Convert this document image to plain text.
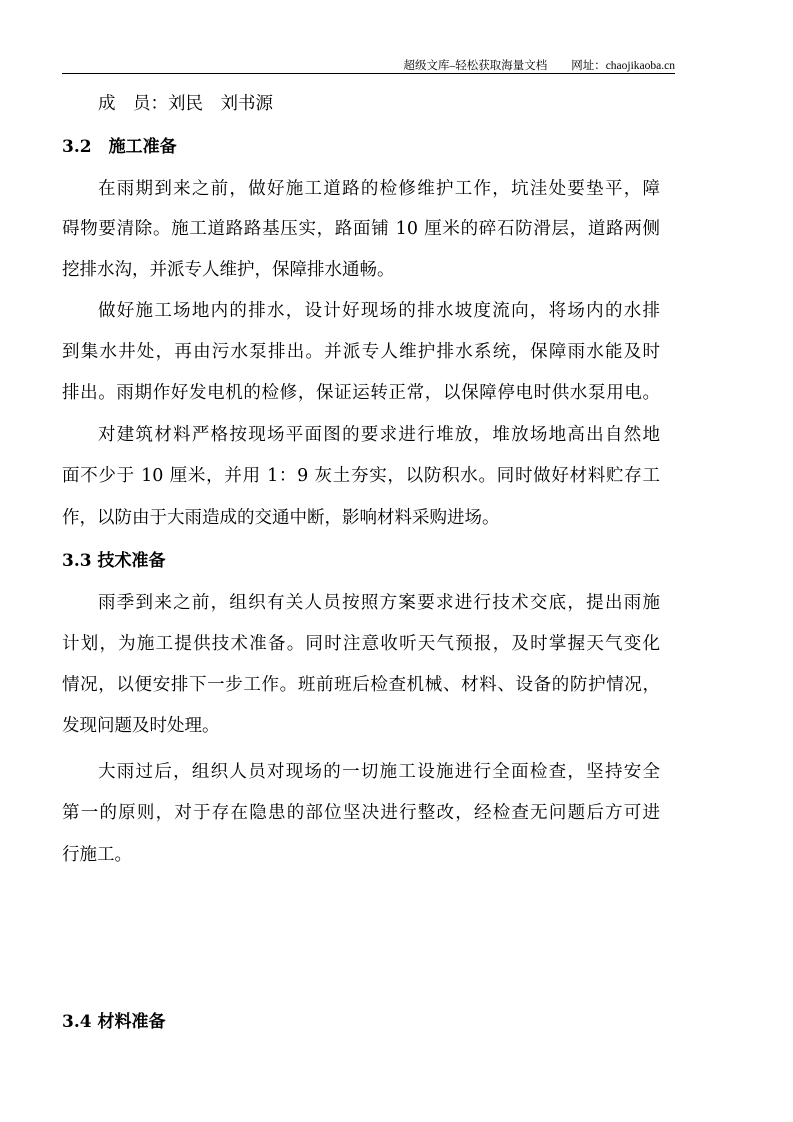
超级文库–轻松获取海量文档 网址：chaojikaoba.cn
成　员：刘民　刘书源
3.2　施工准备
在雨期到来之前，做好施工道路的检修维护工作，坑洼处要垫平，障
碍物要清除。施工道路路基压实，路面铺 10 厘米的碎石防滑层，道路两侧
挖排水沟，并派专人维护，保障排水通畅。
做好施工场地内的排水，设计好现场的排水坡度流向，将场内的水排
到集水井处，再由污水泵排出。并派专人维护排水系统，保障雨水能及时
排出。雨期作好发电机的检修，保证运转正常，以保障停电时供水泵用电。
对建筑材料严格按现场平面图的要求进行堆放，堆放场地高出自然地
面不少于 10 厘米，并用 1：9 灰土夯实，以防积水。同时做好材料贮存工
作，以防由于大雨造成的交通中断，影响材料采购进场。
3.3 技术准备
雨季到来之前，组织有关人员按照方案要求进行技术交底，提出雨施
计划，为施工提供技术准备。同时注意收听天气预报，及时掌握天气变化
情况，以便安排下一步工作。班前班后检查机械、材料、设备的防护情况，
发现问题及时处理。
大雨过后，组织人员对现场的一切施工设施进行全面检查，坚持安全
第一的原则，对于存在隐患的部位坚决进行整改，经检查无问题后方可进
行施工。
3.4 材料准备
